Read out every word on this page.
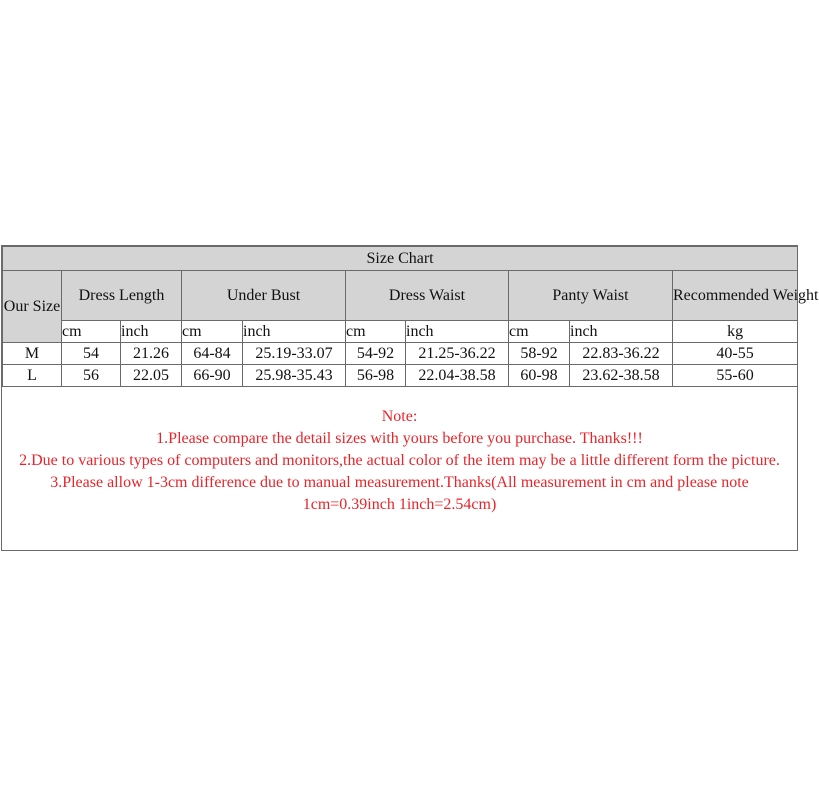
Size Chart									
Our Size	Dress Length		Under Bust		Dress Waist		Panty Waist		Recommended Weight
	cm	inch	cm	inch	cm	inch	cm	inch	kg
M	54	21.26	64-84	25.19-33.07	54-92	21.25-36.22	58-92	22.83-36.22	40-55
L	56	22.05	66-90	25.98-35.43	56-98	22.04-38.58	60-98	23.62-38.58	55-60

Note:

1.Please compare the detail sizes with yours before you purchase. Thanks!!!

2.Due to various types of computers and monitors,the actual color of the item may be a little different form the picture.

3.Please allow 1-3cm difference due to manual measurement.Thanks(All measurement in cm and please note 1cm=0.39inch 1inch=2.54cm)
